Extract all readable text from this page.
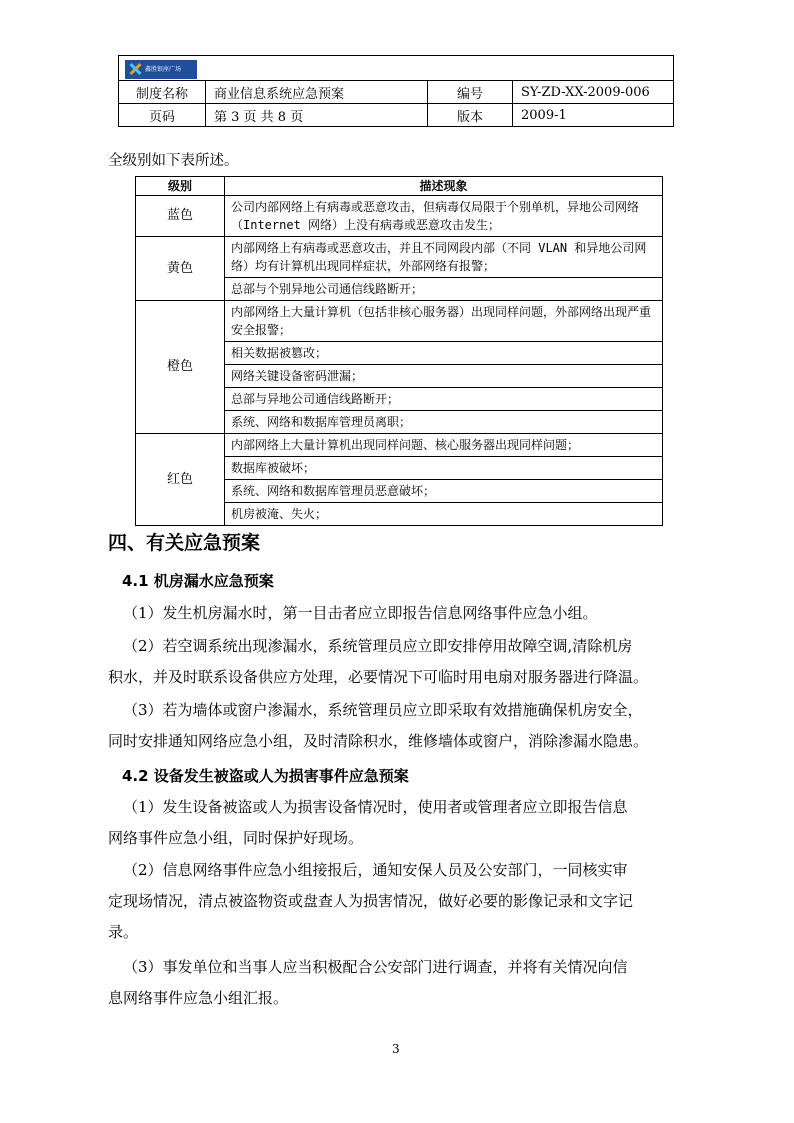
鑫胜银座广场			

制度名称	商业信息系统应急预案	编号	SY-ZD-XX-2009-006
页码	第 3 页 共 8 页	版本	2009-1
全级别如下表所述。
级别	描述现象
蓝色	公司内部网络上有病毒或恶意攻击，但病毒仅局限于个别单机，异地公司网络（Internet 网络）上没有病毒或恶意攻击发生；
黄色	内部网络上有病毒或恶意攻击，并且不同网段内部（不同 VLAN 和异地公司网络）均有计算机出现同样症状，外部网络有报警；
	总部与个别异地公司通信线路断开；
橙色	内部网络上大量计算机（包括非核心服务器）出现同样问题，外部网络出现严重安全报警；
	相关数据被篡改；
	网络关键设备密码泄漏；
	总部与异地公司通信线路断开；
	系统、网络和数据库管理员离职；
红色	内部网络上大量计算机出现同样问题、核心服务器出现同样问题；
	数据库被破坏；
	系统、网络和数据库管理员恶意破坏；
	机房被淹、失火；
四、有关应急预案
4.1 机房漏水应急预案

（1）发生机房漏水时，第一目击者应立即报告信息网络事件应急小组。

（2）若空调系统出现渗漏水，系统管理员应立即安排停用故障空调,清除机房
积水，并及时联系设备供应方处理，必要情况下可临时用电扇对服务器进行降温。

（3）若为墙体或窗户渗漏水，系统管理员应立即采取有效措施确保机房安全，
同时安排通知网络应急小组，及时清除积水，维修墙体或窗户，消除渗漏水隐患。

4.2 设备发生被盗或人为损害事件应急预案

（1）发生设备被盗或人为损害设备情况时，使用者或管理者应立即报告信息
网络事件应急小组，同时保护好现场。

（2）信息网络事件应急小组接报后，通知安保人员及公安部门，一同核实审
定现场情况，清点被盗物资或盘查人为损害情况，做好必要的影像记录和文字记
录。

（3）事发单位和当事人应当积极配合公安部门进行调查，并将有关情况向信
息网络事件应急小组汇报。

3
